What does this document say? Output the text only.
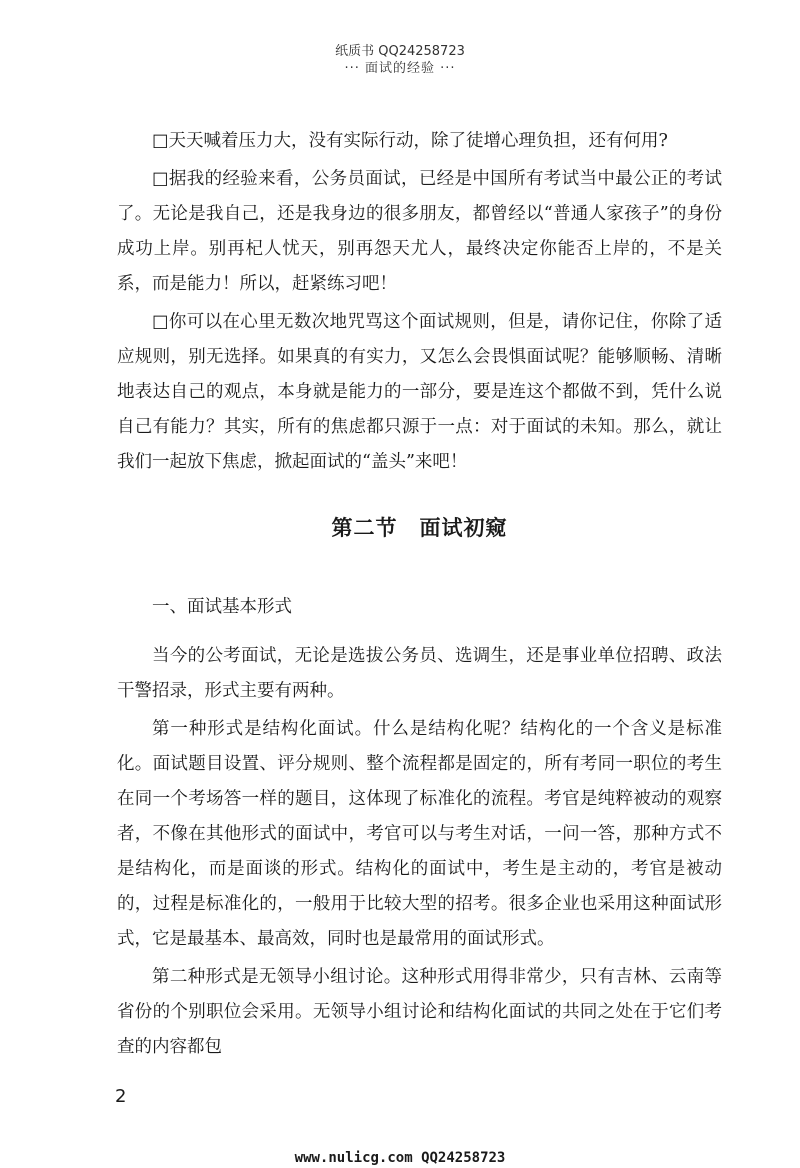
纸质书 QQ24258723
··· 面试的经验 ···

□天天喊着压力大，没有实际行动，除了徒增心理负担，还有何用?

□据我的经验来看，公务员面试，已经是中国所有考试当中最公正的考试了。无论是我自己，还是我身边的很多朋友，都曾经以“普通人家孩子”的身份成功上岸。别再杞人忧天，别再怨天尤人，最终决定你能否上岸的，不是关系，而是能力！所以，赶紧练习吧！

□你可以在心里无数次地咒骂这个面试规则，但是，请你记住，你除了适应规则，别无选择。如果真的有实力，又怎么会畏惧面试呢？能够顺畅、清晰地表达自己的观点，本身就是能力的一部分，要是连这个都做不到，凭什么说自己有能力？其实，所有的焦虑都只源于一点：对于面试的未知。那么，就让我们一起放下焦虑，掀起面试的“盖头”来吧！

第二节　面试初窥
一、面试基本形式

当今的公考面试，无论是选拔公务员、选调生，还是事业单位招聘、政法干警招录，形式主要有两种。

第一种形式是结构化面试。什么是结构化呢？结构化的一个含义是标准化。面试题目设置、评分规则、整个流程都是固定的，所有考同一职位的考生在同一个考场答一样的题目，这体现了标准化的流程。考官是纯粹被动的观察者，不像在其他形式的面试中，考官可以与考生对话，一问一答，那种方式不是结构化，而是面谈的形式。结构化的面试中，考生是主动的，考官是被动的，过程是标准化的，一般用于比较大型的招考。很多企业也采用这种面试形式，它是最基本、最高效，同时也是最常用的面试形式。

第二种形式是无领导小组讨论。这种形式用得非常少，只有吉林、云南等省份的个别职位会采用。无领导小组讨论和结构化面试的共同之处在于它们考查的内容都包

2
www.nulicg.com QQ24258723
